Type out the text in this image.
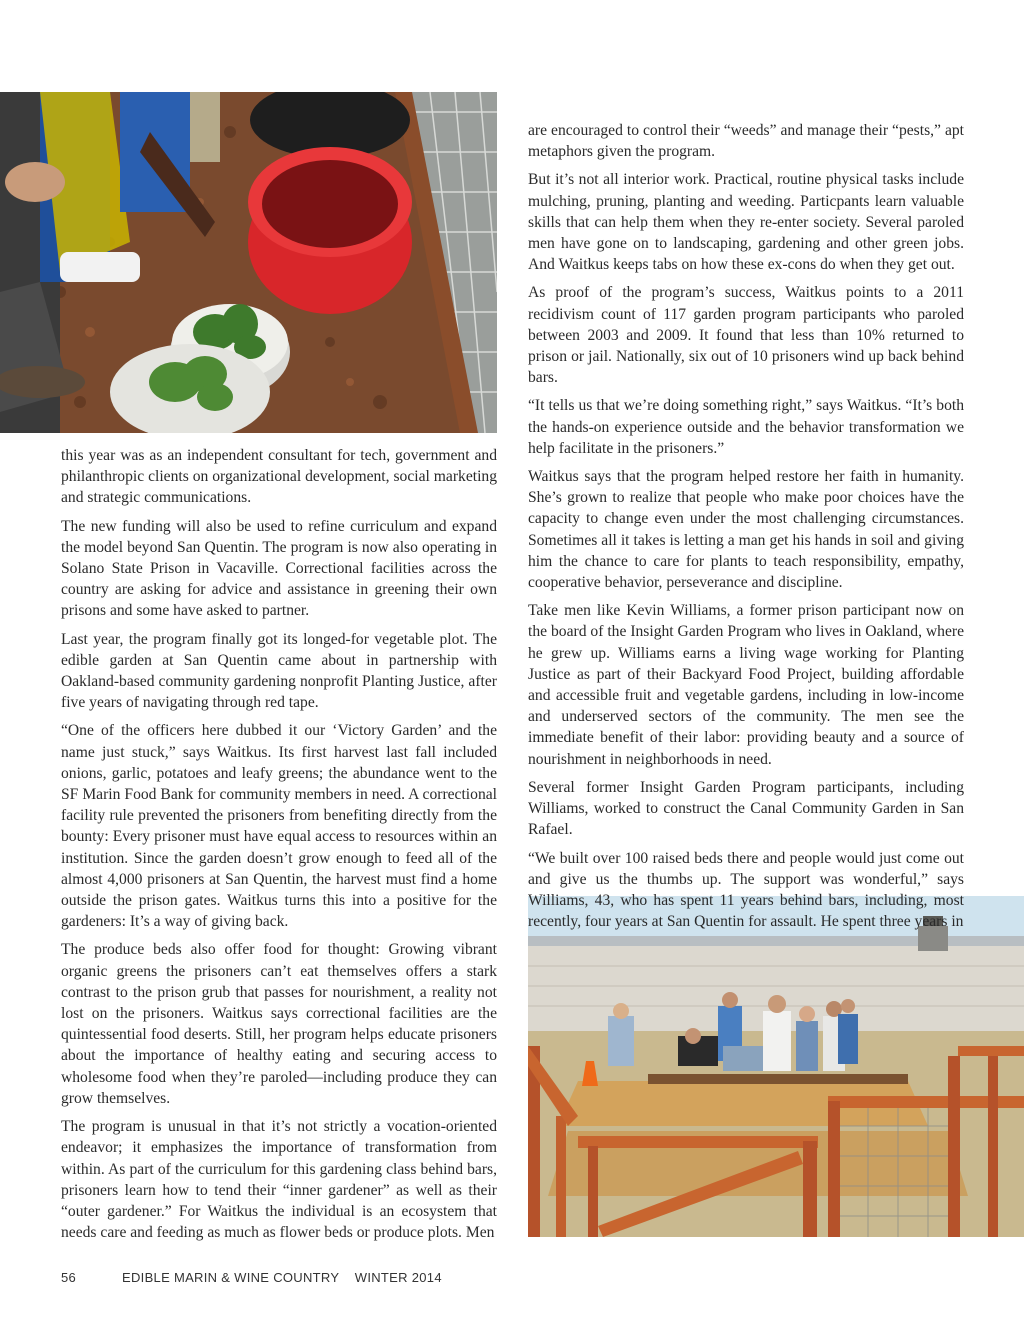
this year was as an independent consultant for tech, government and philanthropic clients on organizational development, social marketing and strategic communications.

The new funding will also be used to refine curriculum and expand the model beyond San Quentin. The program is now also operating in Solano State Prison in Vacaville. Correctional facilities across the country are asking for advice and assistance in greening their own prisons and some have asked to partner.

Last year, the program finally got its longed-for vegetable plot. The edible garden at San Quentin came about in partnership with Oakland-based community gardening nonprofit Planting Justice, after five years of navigating through red tape.

“One of the officers here dubbed it our ‘Victory Garden’ and the name just stuck,” says Waitkus. Its first harvest last fall included onions, garlic, potatoes and leafy greens; the abundance went to the SF Marin Food Bank for community members in need. A correctional facility rule prevented the prisoners from benefiting directly from the bounty: Every prisoner must have equal access to resources within an institution. Since the garden doesn’t grow enough to feed all of the almost 4,000 prisoners at San Quentin, the harvest must find a home outside the prison gates. Waitkus turns this into a positive for the gardeners: It’s a way of giving back.

The produce beds also offer food for thought: Growing vibrant organic greens the prisoners can’t eat themselves offers a stark contrast to the prison grub that passes for nourishment, a reality not lost on the prisoners. Waitkus says correctional facilities are the quintessential food deserts. Still, her program helps educate prisoners about the importance of healthy eating and securing access to wholesome food when they’re paroled—including produce they can grow themselves.

The program is unusual in that it’s not strictly a vocation-oriented endeavor; it emphasizes the importance of transformation from within. As part of the curriculum for this gardening class behind bars, prisoners learn how to tend their “inner gardener” as well as their “outer gardener.” For Waitkus the individual is an ecosystem that needs care and feeding as much as flower beds or produce plots. Men

are encouraged to control their “weeds” and manage their “pests,” apt metaphors given the program.

But it’s not all interior work. Practical, routine physical tasks include mulching, pruning, planting and weeding. Particpants learn valuable skills that can help them when they re-enter society. Several paroled men have gone on to landscaping, gardening and other green jobs. And Waitkus keeps tabs on how these ex-cons do when they get out.

As proof of the program’s success, Waitkus points to a 2011 recidivism count of 117 garden program participants who paroled between 2003 and 2009. It found that less than 10% returned to prison or jail. Nationally, six out of 10 prisoners wind up back behind bars.

“It tells us that we’re doing something right,” says Waitkus. “It’s both the hands-on experience outside and the behavior transformation we help facilitate in the prisoners.”

Waitkus says that the program helped restore her faith in humanity. She’s grown to realize that people who make poor choices have the capacity to change even under the most challenging circumstances. Sometimes all it takes is letting a man get his hands in soil and giving him the chance to care for plants to teach responsibility, empathy, cooperative behavior, perseverance and discipline.

Take men like Kevin Williams, a former prison participant now on the board of the Insight Garden Program who lives in Oakland, where he grew up. Williams earns a living wage working for Planting Justice as part of their Backyard Food Project, building affordable and accessible fruit and vegetable gardens, including in low-income and underserved sectors of the community. The men see the immediate benefit of their labor: providing beauty and a source of nourishment in neighborhoods in need.

Several former Insight Garden Program participants, including Williams, worked to construct the Canal Community Garden in San Rafael.

“We built over 100 raised beds there and people would just come out and give us the thumbs up. The support was wonderful,” says Williams, 43, who has spent 11 years behind bars, including, most recently, four years at San Quentin for assault. He spent three years in

56	EDIBLE MARIN & WINE COUNTRY    WINTER 2014
